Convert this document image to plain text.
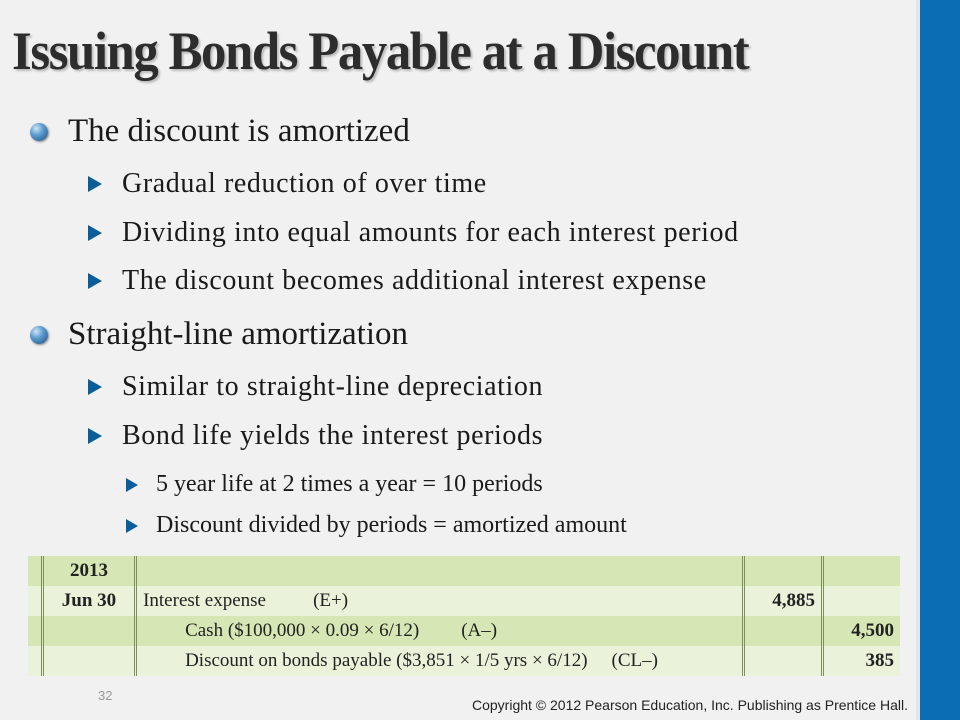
Issuing Bonds Payable at a Discount
The discount is amortized
Gradual reduction of over time
Dividing into equal amounts for each interest period
The discount becomes additional interest expense
Straight-line amortization
Similar to straight-line depreciation
Bond life yields the interest periods
5 year life at 2 times a year = 10 periods
Discount divided by periods = amortized amount
	2013			
	Jun 30	Interest expense (E+)	4,885	
		Cash ($100,000 × 0.09 × 6/12) (A–)		4,500
		Discount on bonds payable ($3,851 × 1/5 yrs × 6/12) (CL–)		385
32
Copyright © 2012 Pearson Education, Inc. Publishing as Prentice Hall.
